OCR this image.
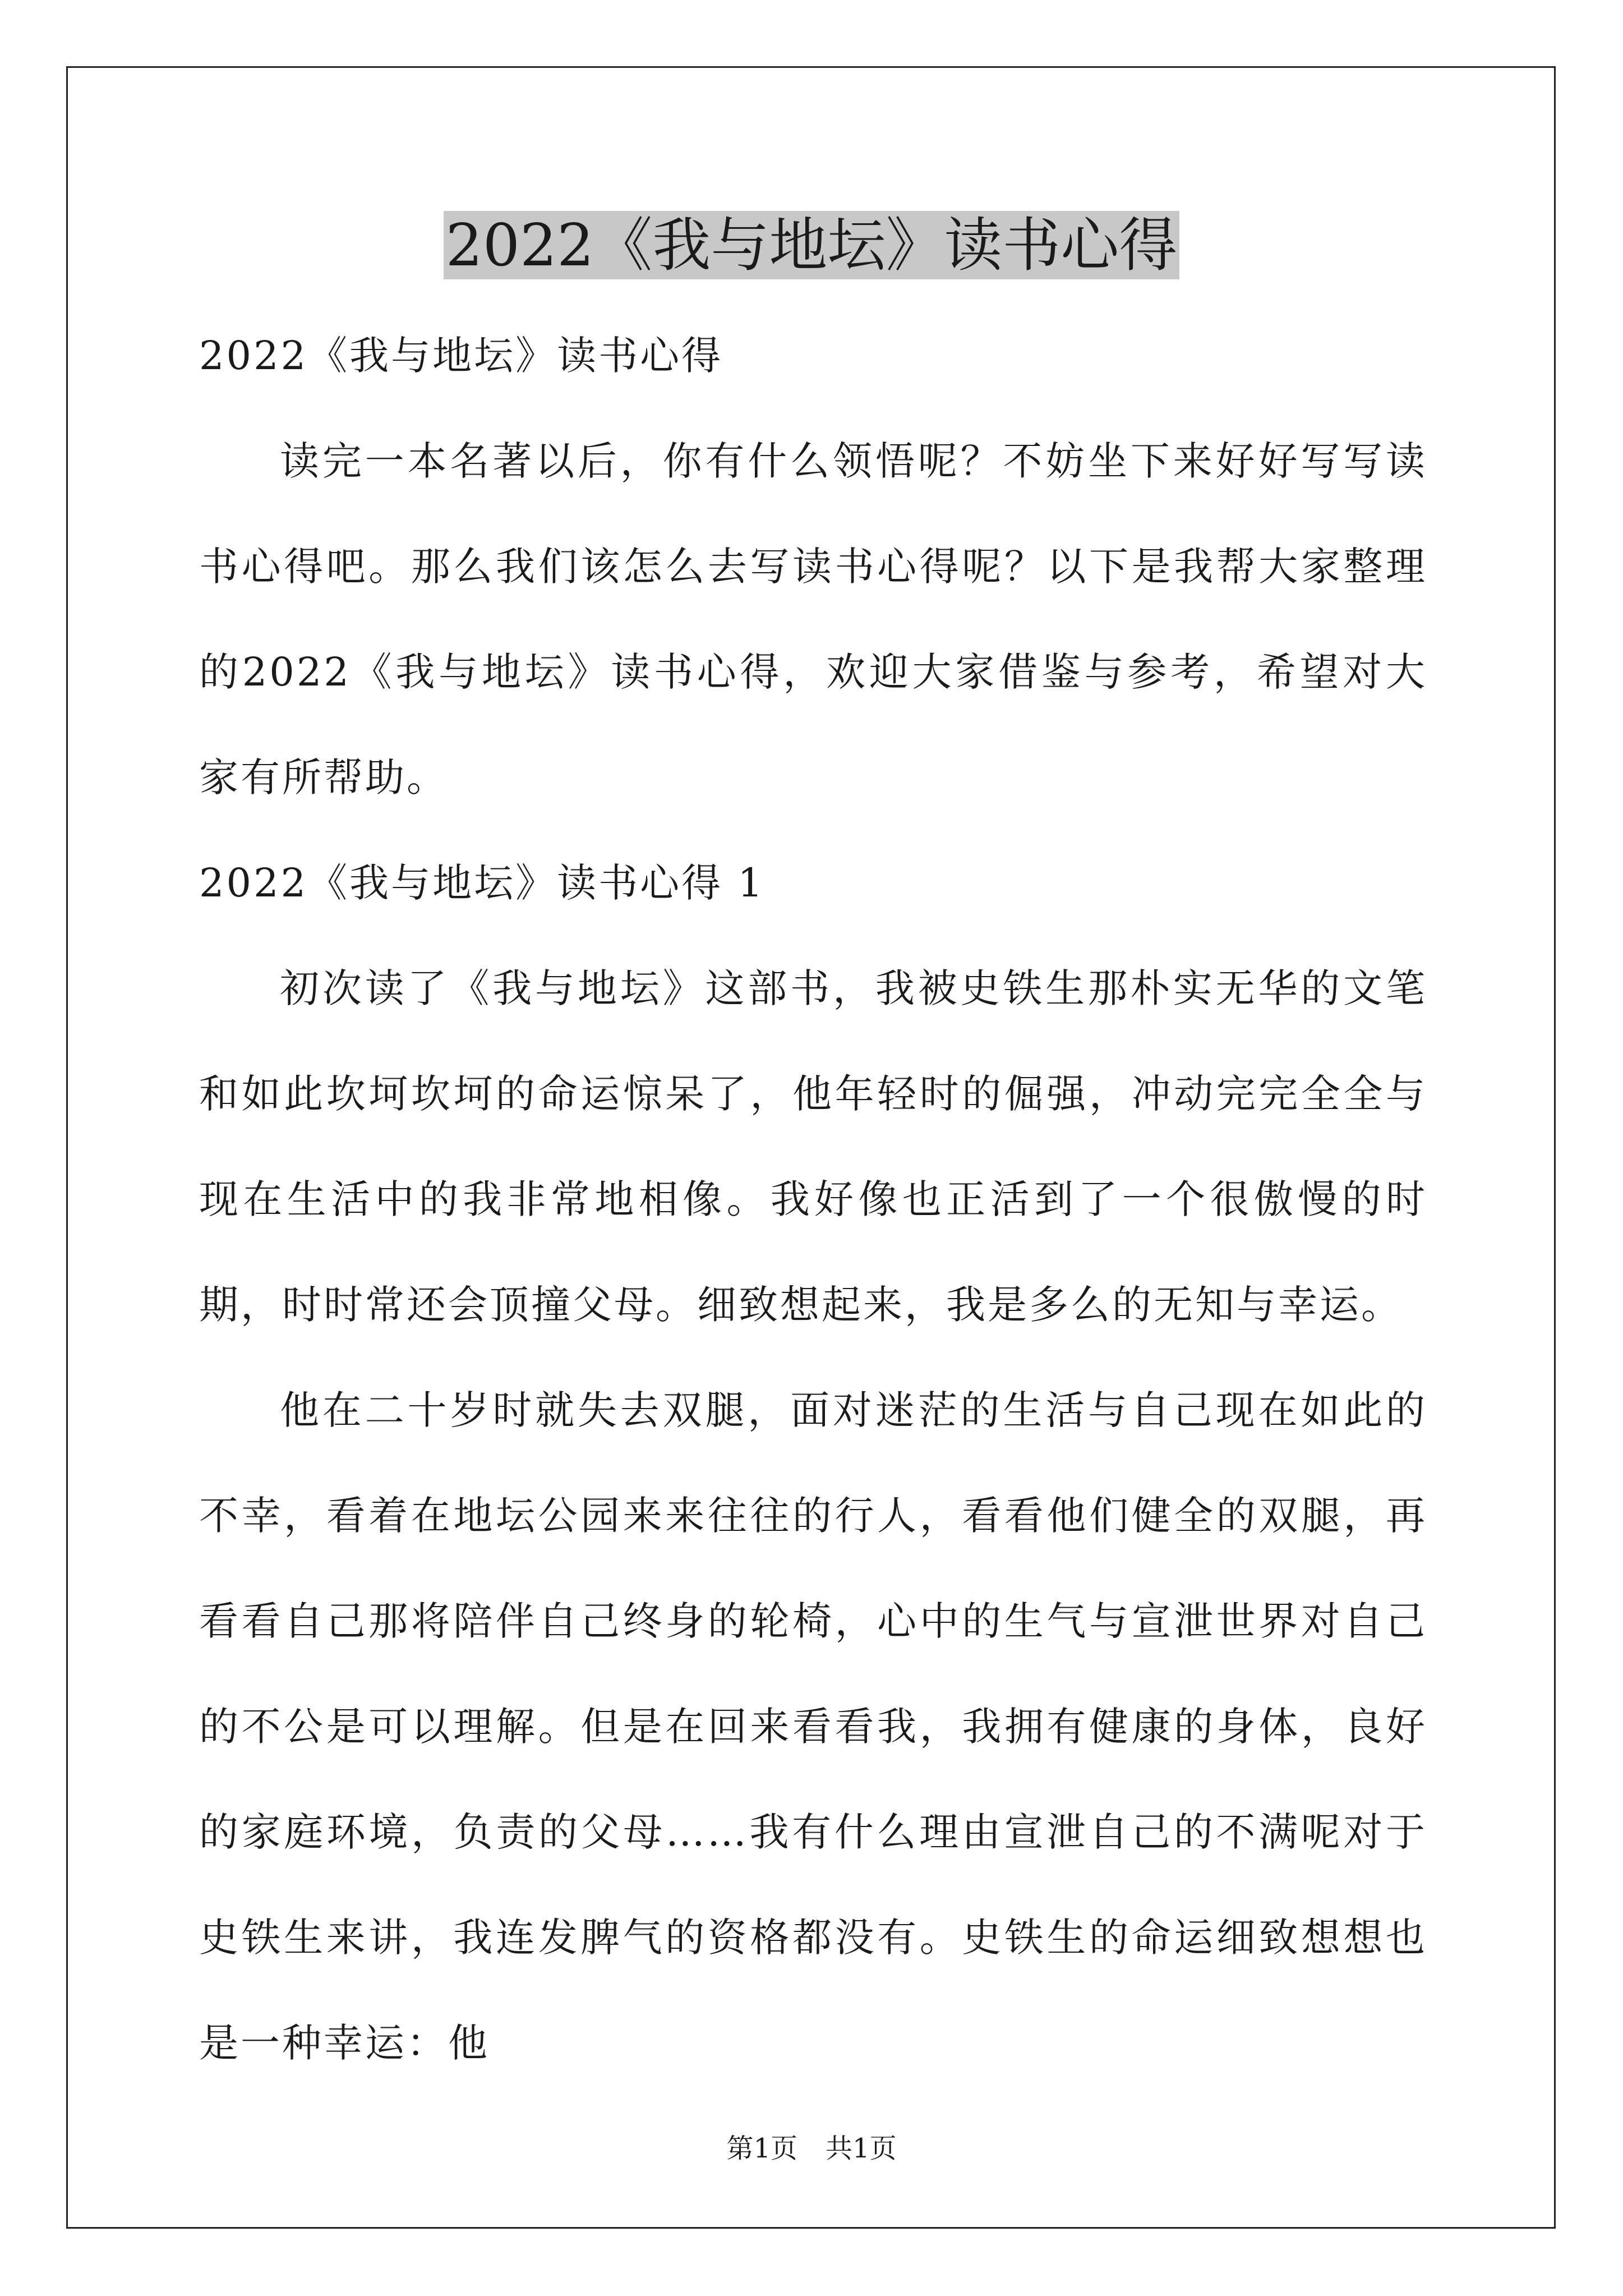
2022《我与地坛》读书心得

2022《我与地坛》读书心得

读完一本名著以后，你有什么领悟呢？不妨坐下来好好写写读书心得吧。那么我们该怎么去写读书心得呢？以下是我帮大家整理的2022《我与地坛》读书心得，欢迎大家借鉴与参考，希望对大家有所帮助。

2022《我与地坛》读书心得 1

初次读了《我与地坛》这部书，我被史铁生那朴实无华的文笔和如此坎坷坎坷的命运惊呆了，他年轻时的倔强，冲动完完全全与现在生活中的我非常地相像。我好像也正活到了一个很傲慢的时期，时时常还会顶撞父母。细致想起来，我是多么的无知与幸运。

他在二十岁时就失去双腿，面对迷茫的生活与自己现在如此的不幸，看着在地坛公园来来往往的行人，看看他们健全的双腿，再看看自己那将陪伴自己终身的轮椅，心中的生气与宣泄世界对自己的不公是可以理解。但是在回来看看我，我拥有健康的身体，良好的家庭环境，负责的父母……我有什么理由宣泄自己的不满呢对于史铁生来讲，我连发脾气的资格都没有。史铁生的命运细致想想也是一种幸运：他

第1页 共1页
